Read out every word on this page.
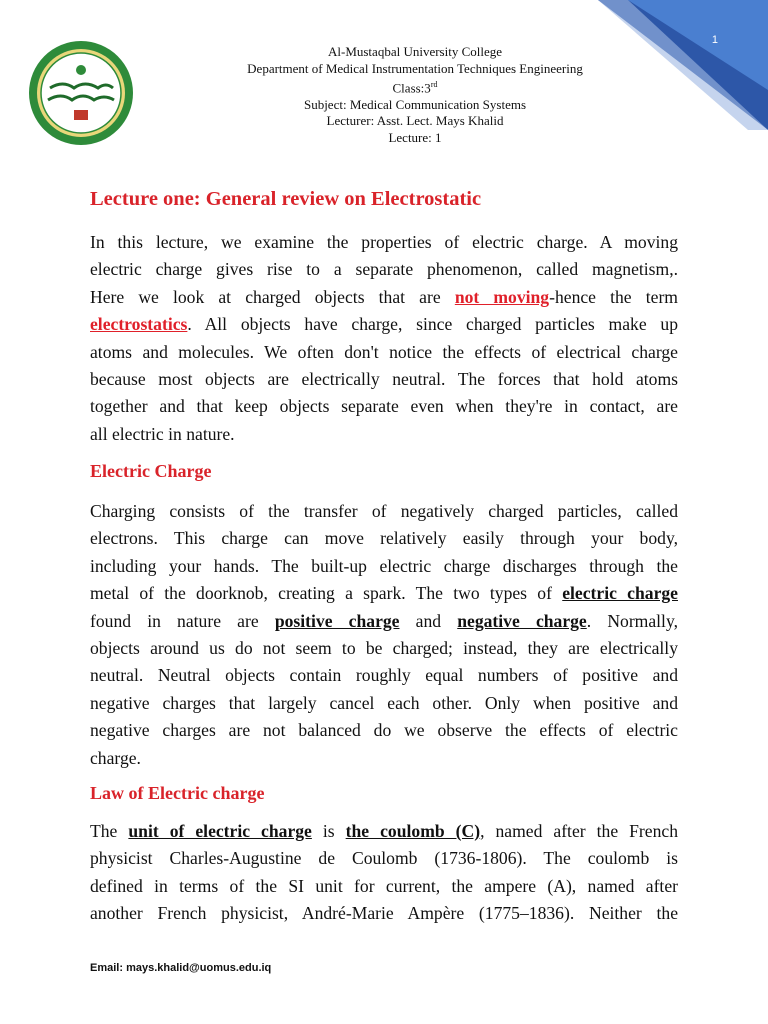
1
Al-Mustaqbal University College
Department of Medical Instrumentation Techniques Engineering
Class:3rd
Subject: Medical Communication Systems
Lecturer: Asst. Lect. Mays Khalid
Lecture: 1
Lecture one: General review on Electrostatic
In this lecture, we examine the properties of electric charge. A moving
electric charge gives rise to a separate phenomenon, called magnetism,.
Here we look at charged objects that are not moving-hence the term
electrostatics. All objects have charge, since charged particles make up
atoms and molecules. We often don't notice the effects of electrical charge
because most objects are electrically neutral. The forces that hold atoms
together and that keep objects separate even when they're in contact, are
all electric in nature.
Electric Charge
Charging consists of the transfer of negatively charged particles, called
electrons. This charge can move relatively easily through your body,
including your hands. The built-up electric charge discharges through the
metal of the doorknob, creating a spark. The two types of electric charge
found in nature are positive charge and negative charge. Normally,
objects around us do not seem to be charged; instead, they are electrically
neutral. Neutral objects contain roughly equal numbers of positive and
negative charges that largely cancel each other. Only when positive and
negative charges are not balanced do we observe the effects of electric
charge.
Law of Electric charge
The unit of electric charge is the coulomb (C), named after the French
physicist Charles-Augustine de Coulomb (1736-1806). The coulomb is
defined in terms of the SI unit for current, the ampere (A), named after
another French physicist, André-Marie Ampère (1775–1836). Neither the
Email: mays.khalid@uomus.edu.iq
